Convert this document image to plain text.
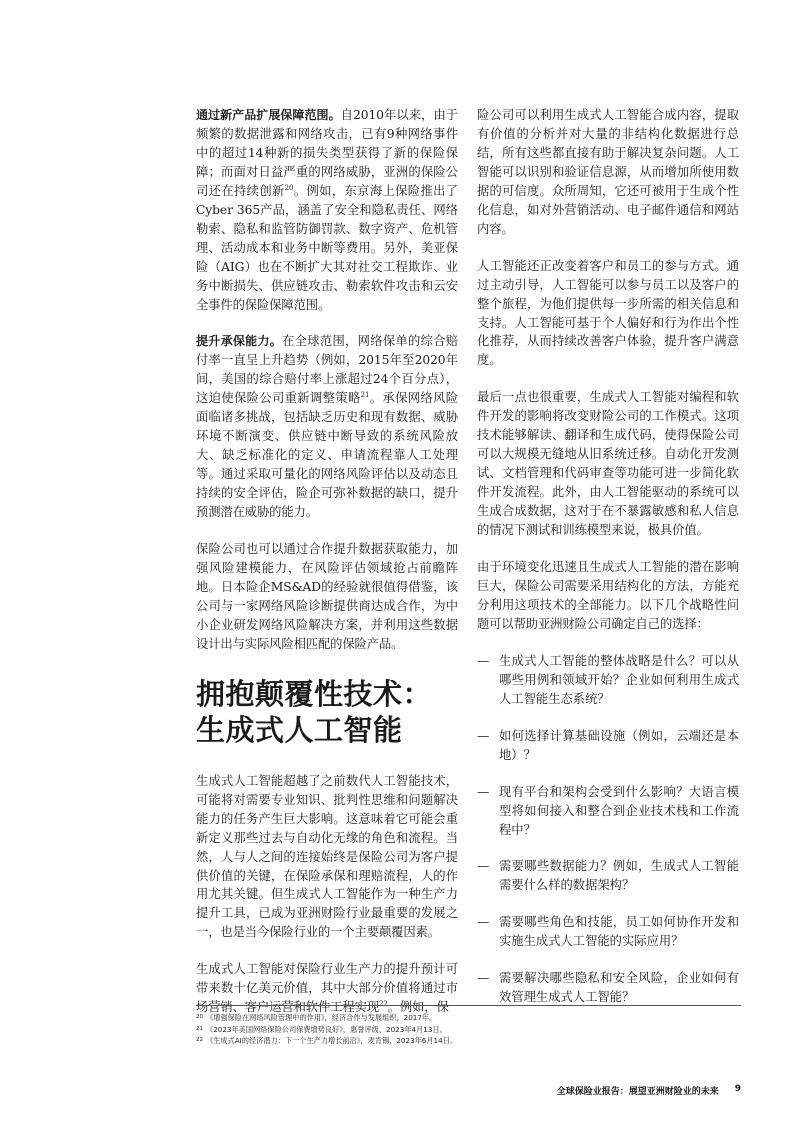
通过新产品扩展保障范围。自2010年以来，由于频繁的数据泄露和网络攻击，已有9种网络事件中的超过14种新的损失类型获得了新的保险保障；而面对日益严重的网络威胁，亚洲的保险公司还在持续创新$^{20}$。例如，东京海上保险推出了Cyber 365产品，涵盖了安全和隐私责任、网络勒索、隐私和监管防御罚款、数字资产、危机管理、活动成本和业务中断等费用。另外，美亚保险（AIG）也在不断扩大其对社交工程欺诈、业务中断损失、供应链攻击、勒索软件攻击和云安全事件的保险保障范围。

提升承保能力。在全球范围，网络保单的综合赔付率一直呈上升趋势（例如，2015年至2020年间，美国的综合赔付率上涨超过24个百分点），这迫使保险公司重新调整策略$^{21}$。承保网络风险面临诸多挑战，包括缺乏历史和现有数据、威胁环境不断演变、供应链中断导致的系统风险放大、缺乏标准化的定义、申请流程靠人工处理等。通过采取可量化的网络风险评估以及动态且持续的安全评估，险企可弥补数据的缺口，提升预测潜在威胁的能力。

保险公司也可以通过合作提升数据获取能力，加强风险建模能力，在风险评估领域抢占前瞻阵地。日本险企MS&AD的经验就很值得借鉴，该公司与一家网络风险诊断提供商达成合作，为中小企业研发网络风险解决方案，并利用这些数据设计出与实际风险相匹配的保险产品。

拥抱颠覆性技术：
生成式人工智能

生成式人工智能超越了之前数代人工智能技术，可能将对需要专业知识、批判性思维和问题解决能力的任务产生巨大影响。这意味着它可能会重新定义那些过去与自动化无缘的角色和流程。当然，人与人之间的连接始终是保险公司为客户提供价值的关键，在保险承保和理赔流程，人的作用尤其关键。但生成式人工智能作为一种生产力提升工具，已成为亚洲财险行业最重要的发展之一，也是当今保险行业的一个主要颠覆因素。

生成式人工智能对保险行业生产力的提升预计可带来数十亿美元价值，其中大部分价值将通过市场营销、客户运营和软件工程实现$^{22}$。例如，保

险公司可以利用生成式人工智能合成内容，提取有价值的分析并对大量的非结构化数据进行总结，所有这些都直接有助于解决复杂问题。人工智能可以识别和验证信息源，从而增加所使用数据的可信度。众所周知，它还可被用于生成个性化信息，如对外营销活动、电子邮件通信和网站内容。

人工智能还正改变着客户和员工的参与方式。通过主动引导，人工智能可以参与员工以及客户的整个旅程，为他们提供每一步所需的相关信息和支持。人工智能可基于个人偏好和行为作出个性化推荐，从而持续改善客户体验，提升客户满意度。

最后一点也很重要，生成式人工智能对编程和软件开发的影响将改变财险公司的工作模式。这项技术能够解读、翻译和生成代码，使得保险公司可以大规模无缝地从旧系统迁移。自动化开发测试、文档管理和代码审查等功能可进一步简化软件开发流程。此外，由人工智能驱动的系统可以生成合成数据，这对于在不暴露敏感和私人信息的情况下测试和训练模型来说，极具价值。

由于环境变化迅速且生成式人工智能的潜在影响巨大，保险公司需要采用结构化的方法，方能充分利用这项技术的全部能力。以下几个战略性问题可以帮助亚洲财险公司确定自己的选择：

— 生成式人工智能的整体战略是什么？可以从哪些用例和领域开始？企业如何利用生成式人工智能生态系统？
— 如何选择计算基础设施（例如，云端还是本地）？
— 现有平台和架构会受到什么影响？大语言模型将如何接入和整合到企业技术栈和工作流程中？
— 需要哪些数据能力？例如，生成式人工智能需要什么样的数据架构？
— 需要哪些角色和技能，员工如何协作开发和实施生成式人工智能的实际应用？
— 需要解决哪些隐私和安全风险，企业如何有效管理生成式人工智能？
20 《增强保险在网络风险管理中的作用》，经济合作与发展组织，2017年。
21 《2023年美国网络保险公司保费增势良好》，惠誉评级，2023年4月13日。
22 《生成式AI的经济潜力：下一个生产力增长前沿》，麦肯锡，2023年6月14日。
全球保险业报告：展望亚洲财险业的未来 9
